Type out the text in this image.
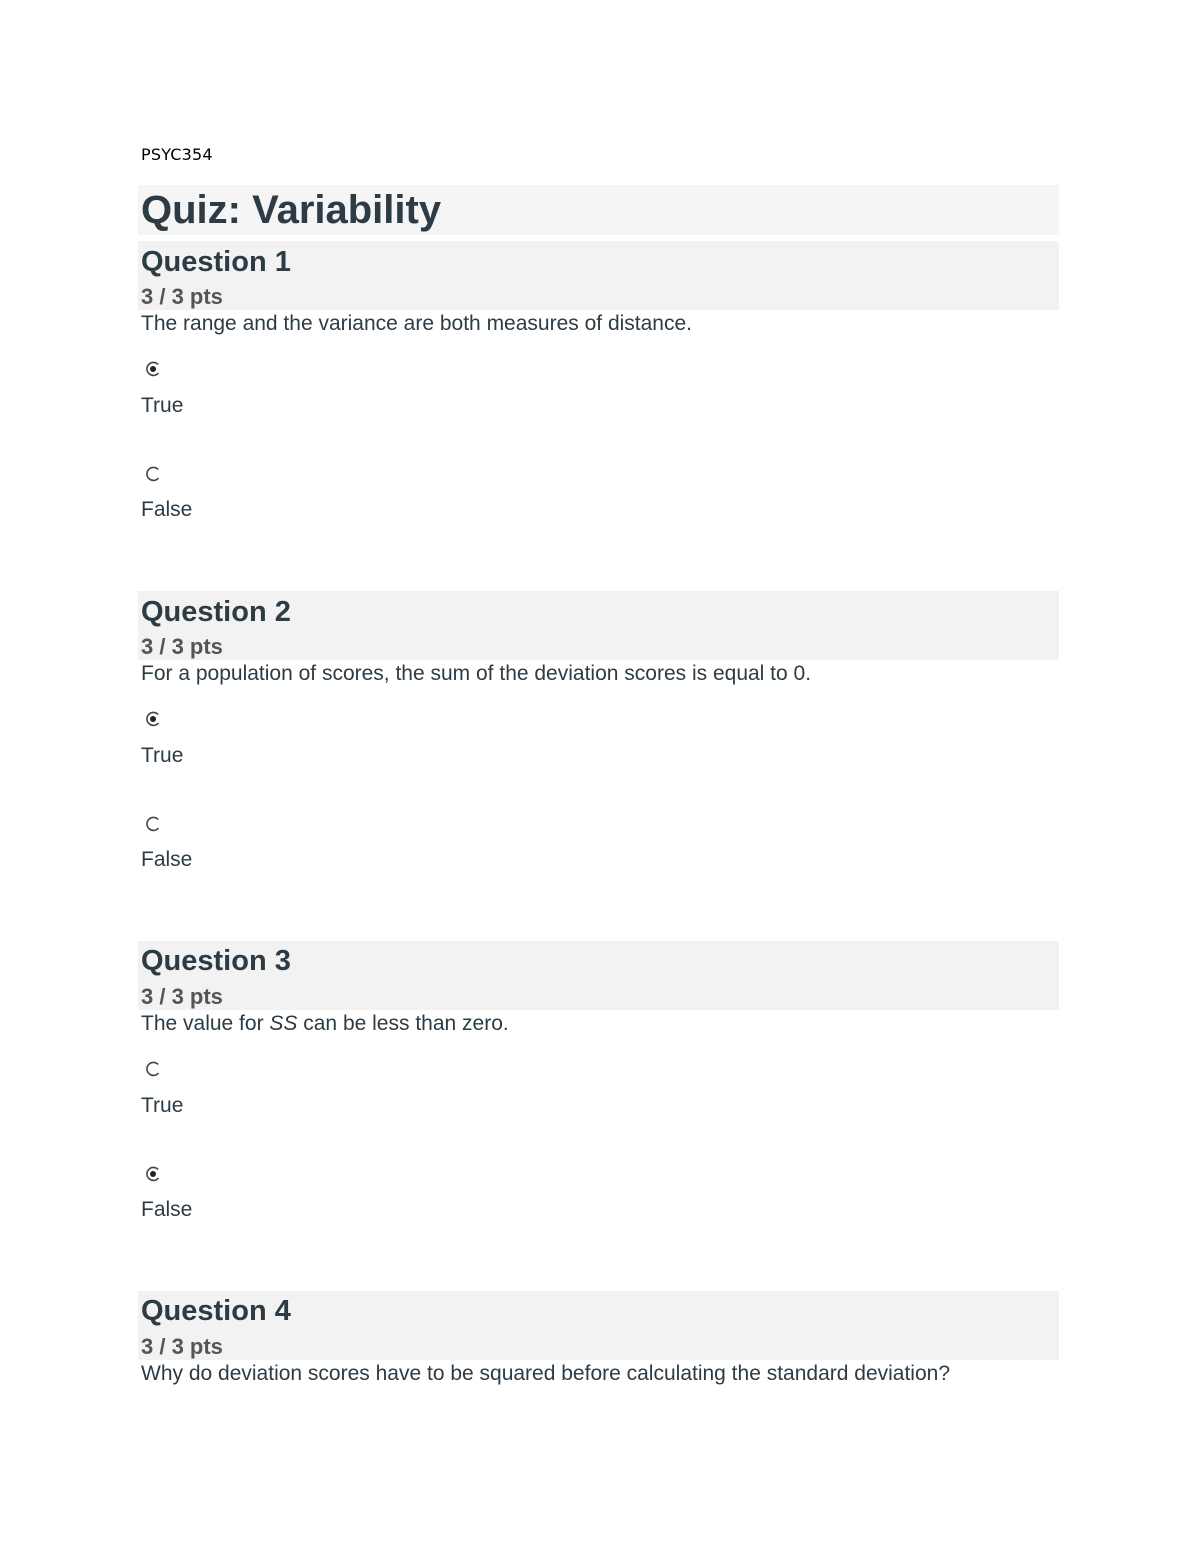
PSYC354
Quiz: Variability
Question 1
3 / 3 pts
The range and the variance are both measures of distance.
True
False
Question 2
3 / 3 pts
For a population of scores, the sum of the deviation scores is equal to 0.
True
False
Question 3
3 / 3 pts
The value for SS can be less than zero.
True
False
Question 4
3 / 3 pts
Why do deviation scores have to be squared before calculating the standard deviation?
